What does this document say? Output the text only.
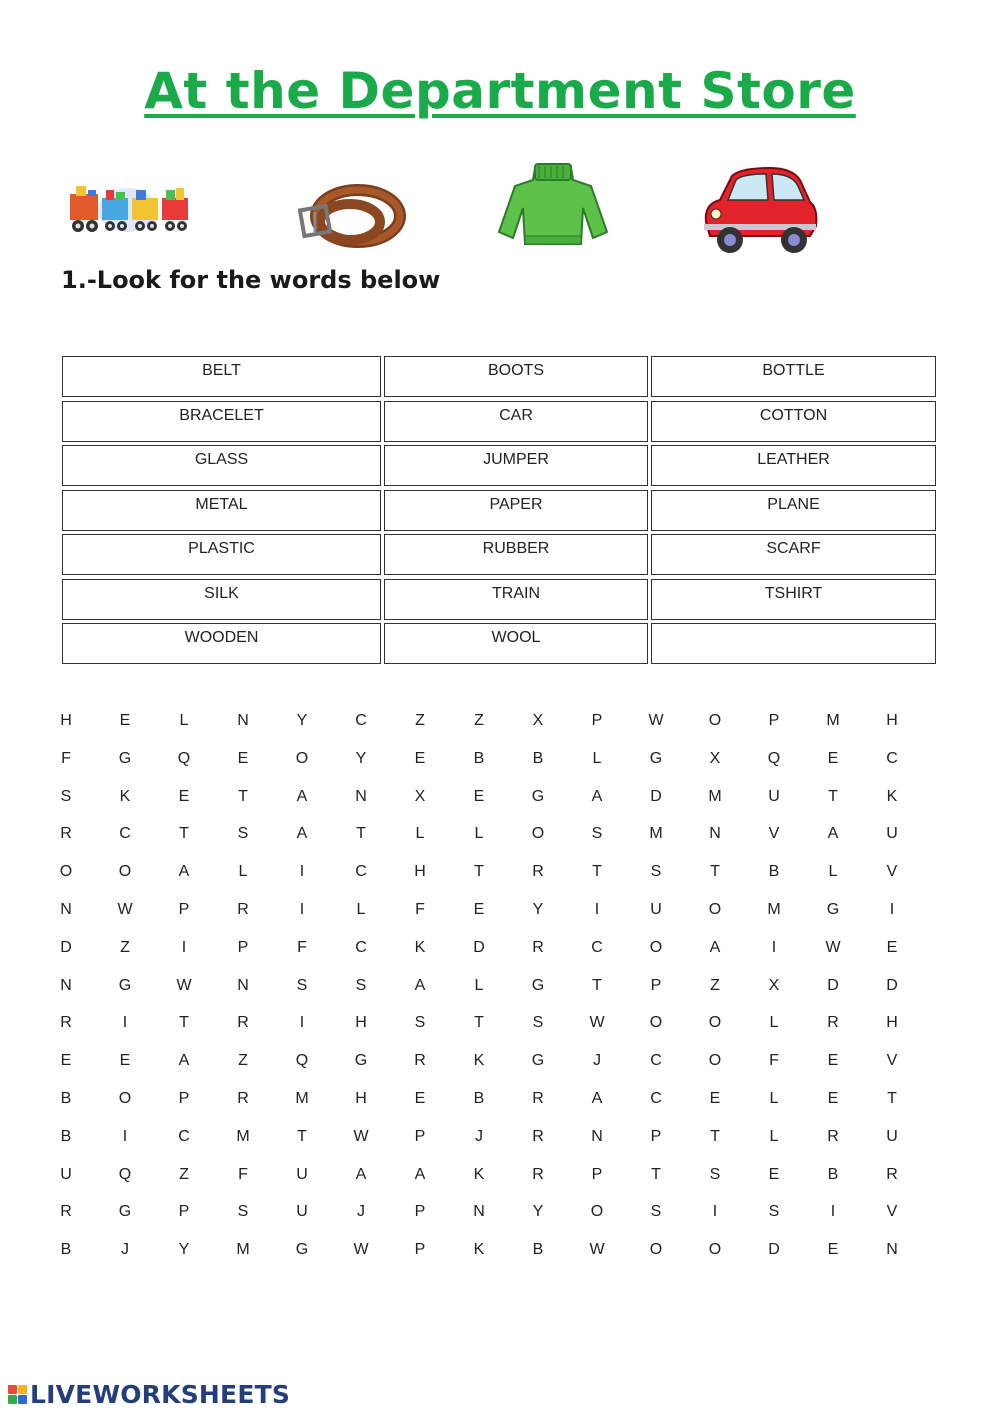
At the Department Store
1.-Look for the words below
BELT	BOOTS	BOTTLE
BRACELET	CAR	COTTON
GLASS	JUMPER	LEATHER
METAL	PAPER	PLANE
PLASTIC	RUBBER	SCARF
SILK	TRAIN	TSHIRT
WOODEN	WOOL
H	E	L	N	Y	C	Z	Z	X	P	W	O	P	M	H
F	G	Q	E	O	Y	E	B	B	L	G	X	Q	E	C
S	K	E	T	A	N	X	E	G	A	D	M	U	T	K
R	C	T	S	A	T	L	L	O	S	M	N	V	A	U
O	O	A	L	I	C	H	T	R	T	S	T	B	L	V
N	W	P	R	I	L	F	E	Y	I	U	O	M	G	I
D	Z	I	P	F	C	K	D	R	C	O	A	I	W	E
N	G	W	N	S	S	A	L	G	T	P	Z	X	D	D
R	I	T	R	I	H	S	T	S	W	O	O	L	R	H
E	E	A	Z	Q	G	R	K	G	J	C	O	F	E	V
B	O	P	R	M	H	E	B	R	A	C	E	L	E	T
B	I	C	M	T	W	P	J	R	N	P	T	L	R	U
U	Q	Z	F	U	A	A	K	R	P	T	S	E	B	R
R	G	P	S	U	J	P	N	Y	O	S	I	S	I	V
B	J	Y	M	G	W	P	K	B	W	O	O	D	E	N
LIVEWORKSHEETS
